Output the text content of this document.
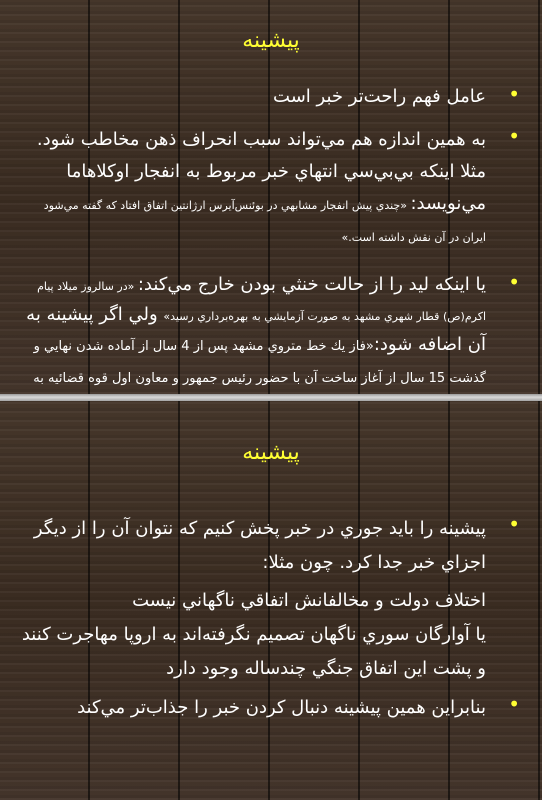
پيشينه
•
عامل فهم راحت‌تر خبر است
•
به همين اندازه هم مي‌تواند سبب انحراف ذهن مخاطب شود. مثلا اينكه بي‌بي‌سي انتهاي خبر مربوط به انفجار اوكلاهاما مي‌نويسد: «چندي پيش انفجار مشابهي در بوئنس‌آيرس ارژانتين اتفاق افتاد كه گفته مي‌شود ايران در آن نقش داشته است.»
•
يا اينكه ليد را از حالت خنثي بودن خارج مي‌كند: «در سالروز ميلاد پيام اكرم(ص) قطار شهري مشهد به صورت آزمايشي به بهره‌برداري رسيد» ولي اگر پيشينه به آن اضافه شود:«فاز يك خط متروي مشهد پس از 4 سال از آماده شدن نهايي و گذشت 15 سال از آغاز ساخت آن با حضور رئيس جمهور و معاون اول قوه قضائيه به
پيشينه
•
پيشينه را بايد جوري در خبر پخش كنيم كه نتوان آن را از ديگر اجزاي خبر جدا كرد. چون مثلا:
اختلاف دولت و مخالفانش اتفاقي ناگهاني نيست
يا آوارگان سوري ناگهان تصميم نگرفته‌اند به اروپا مهاجرت كنند و پشت اين اتفاق جنگي چندساله وجود دارد
•
بنابراين همين پيشينه دنبال كردن خبر را جذاب‌تر مي‌كند
